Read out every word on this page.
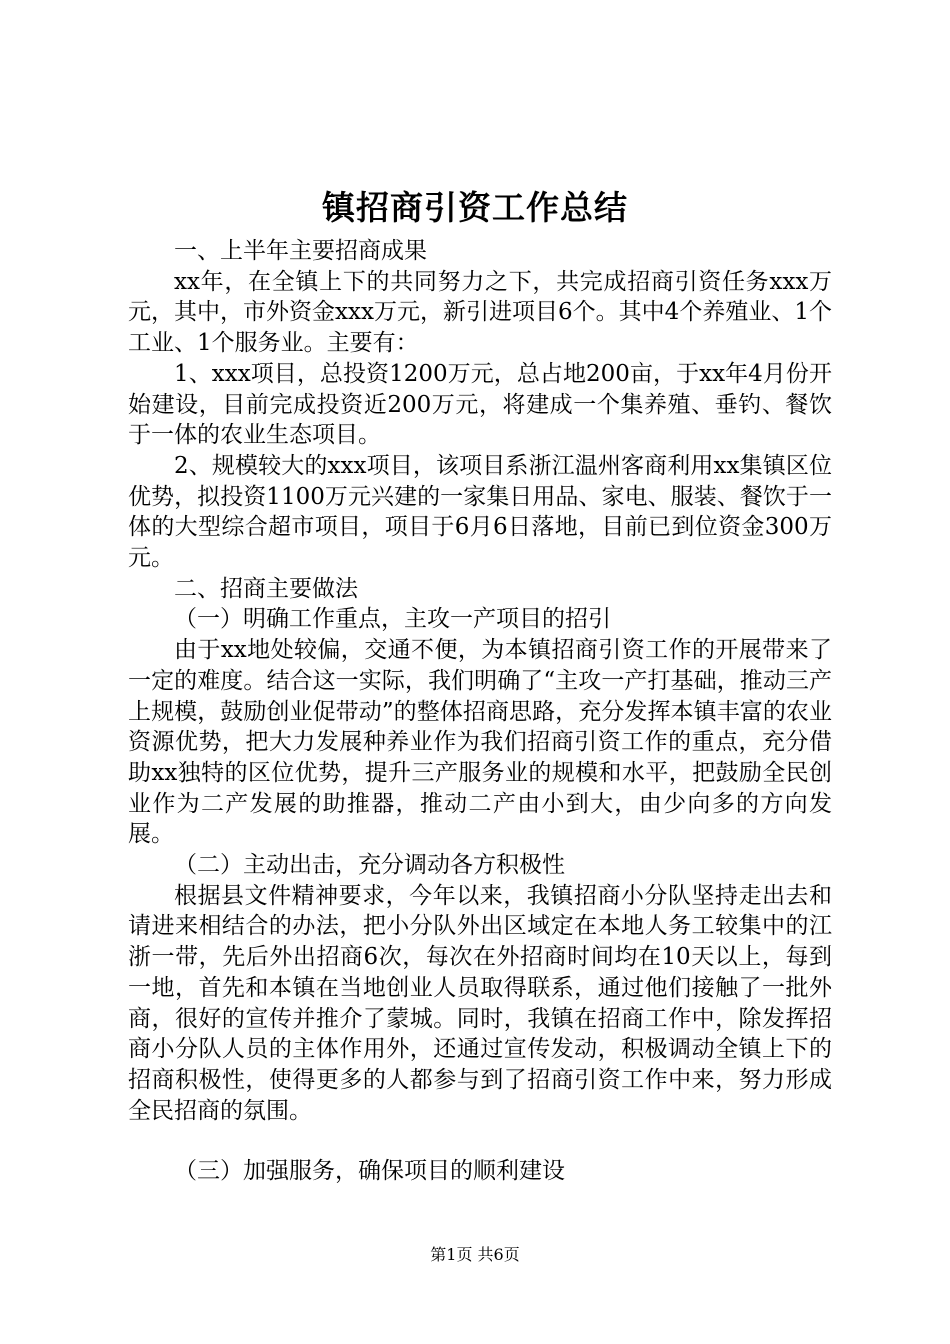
镇招商引资工作总结

一、上半年主要招商成果

xx年，在全镇上下的共同努力之下，共完成招商引资任务xxx万元，其中，市外资金xxx万元，新引进项目6个。其中4个养殖业、1个工业、1个服务业。主要有：

1、xxx项目，总投资1200万元，总占地200亩，于xx年4月份开始建设，目前完成投资近200万元，将建成一个集养殖、垂钓、餐饮于一体的农业生态项目。

2、规模较大的xxx项目，该项目系浙江温州客商利用xx集镇区位优势，拟投资1100万元兴建的一家集日用品、家电、服装、餐饮于一体的大型综合超市项目，项目于6月6日落地，目前已到位资金300万元。

二、招商主要做法

（一）明确工作重点，主攻一产项目的招引

由于xx地处较偏，交通不便，为本镇招商引资工作的开展带来了一定的难度。结合这一实际，我们明确了“主攻一产打基础，推动三产上规模，鼓励创业促带动”的整体招商思路，充分发挥本镇丰富的农业资源优势，把大力发展种养业作为我们招商引资工作的重点，充分借助xx独特的区位优势，提升三产服务业的规模和水平，把鼓励全民创业作为二产发展的助推器，推动二产由小到大，由少向多的方向发展。

（二）主动出击，充分调动各方积极性

根据县文件精神要求，今年以来，我镇招商小分队坚持走出去和请进来相结合的办法，把小分队外出区域定在本地人务工较集中的江浙一带，先后外出招商6次，每次在外招商时间均在10天以上，每到一地，首先和本镇在当地创业人员取得联系，通过他们接触了一批外商，很好的宣传并推介了蒙城。同时，我镇在招商工作中，除发挥招商小分队人员的主体作用外，还通过宣传发动，积极调动全镇上下的招商积极性，使得更多的人都参与到了招商引资工作中来，努力形成全民招商的氛围。

（三）加强服务，确保项目的顺利建设

第1页 共6页
